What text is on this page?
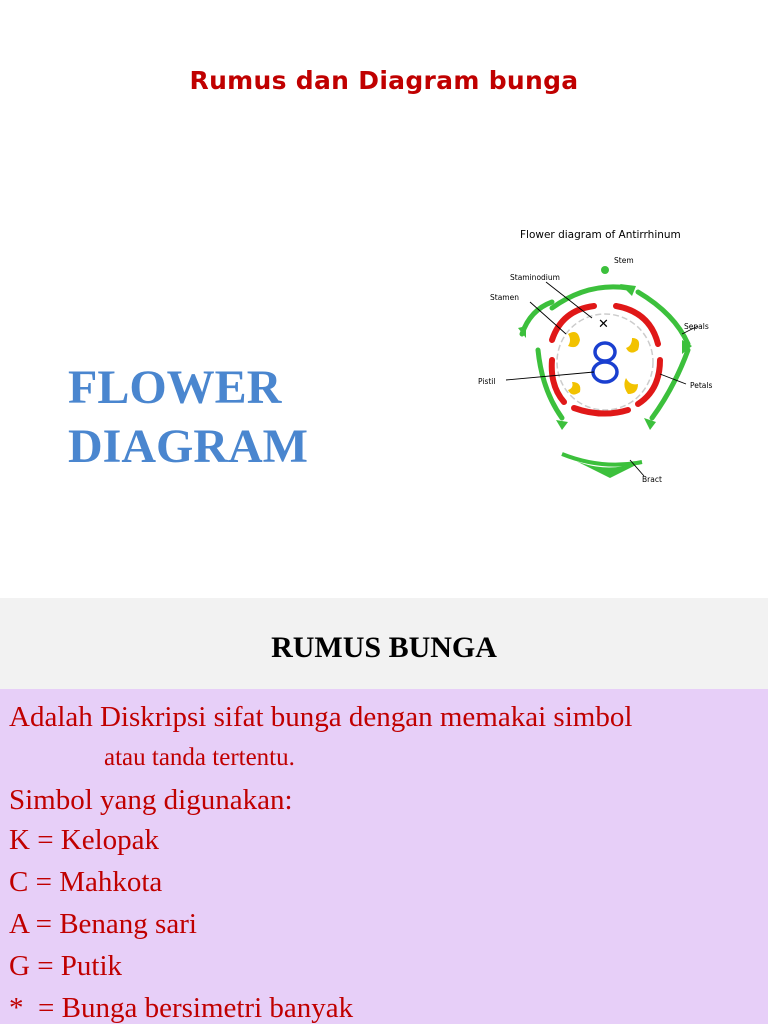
Rumus dan Diagram bunga
FLOWER
DIAGRAM
Flower diagram of Antirrhinum
✕
Stem
Staminodium
Stamen
Sepals
Pistil	Petals
Bract
RUMUS BUNGA
Adalah Diskripsi sifat bunga dengan memakai simbol
atau tanda tertentu.
Simbol yang digunakan:
K = Kelopak
C = Mahkota
A = Benang sari
G = Putik
*  = Bunga bersimetri banyak
